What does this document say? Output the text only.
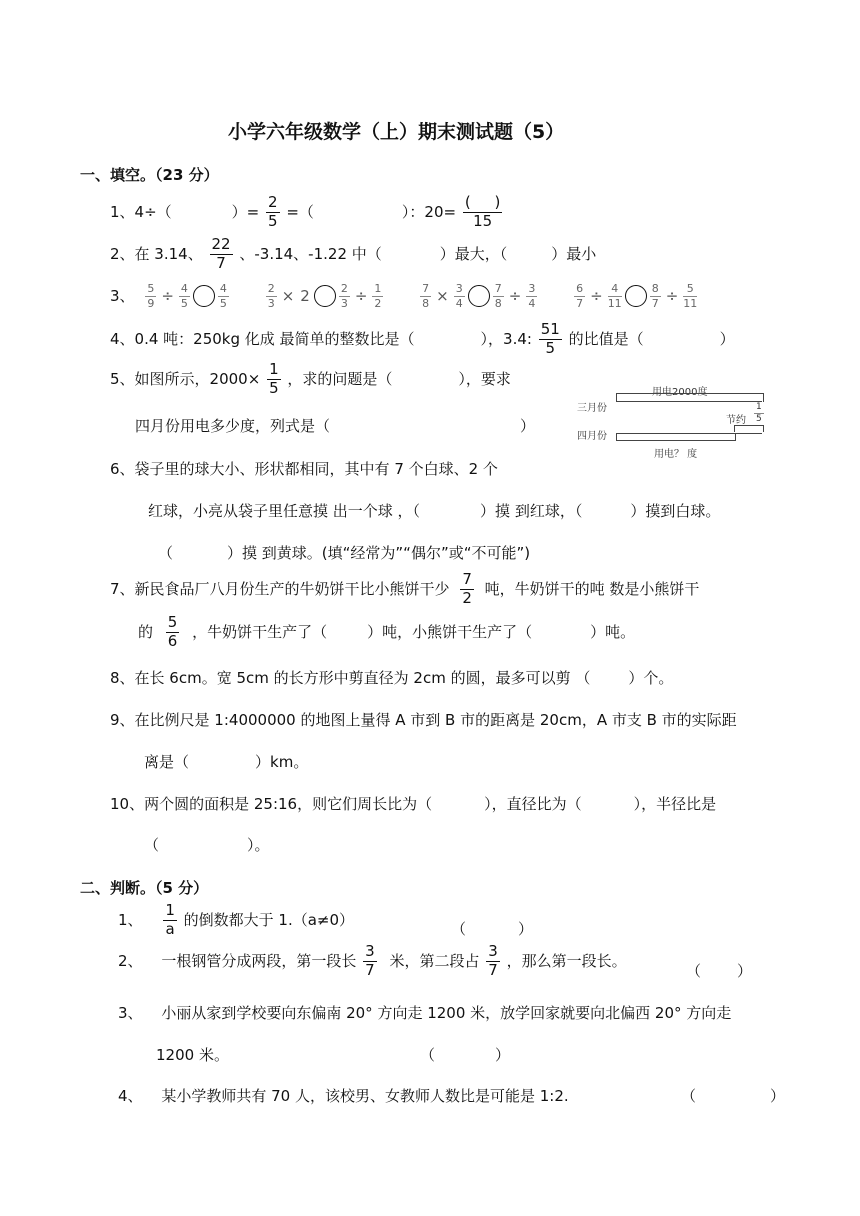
小学六年级数学（上）期末测试题（5）
一、填空。（23 分）
1、4÷（	）= $\frac{2}{5}$ =（	）：$20= \frac{( )}{15}$
2、在 3.14、 $\frac{22}{7}$ 、-3.14、-1.22 中（	）最大，（	）最小
3、 $\frac{5}{9} \div \frac{4}{5}$	$\frac{4}{5}$
	$\frac{2}{3} \times 2$	$\frac{2}{3} \div \frac{1}{2}$
	$\frac{7}{8} \times \frac{3}{4}$	$\frac{7}{8} \div \frac{3}{4}$
	$\frac{6}{7} \div \frac{4}{11}$	$\frac{8}{7} \div \frac{5}{11}$
4、0.4 吨：250kg 化成 最简单的整数比是（	），3.4: $\frac{51}{5}$ 的比值是（	）
5、如图所示，$2000\times \frac{1}{5}$ ，求的问题是（	），要求
四月份用电多少度，列式是（	）
用电2000度
三月份
节约 $\frac{1}{5}$
四月份
用电？ 度
6、袋子里的球大小、形状都相同，其中有 7 个白球、2 个
红球，小亮从袋子里任意摸 出一个球 ，（	）摸 到红球，（	）摸到白球。
（	）摸 到黄球。(填“经常为”“偶尔”或“不可能”)
7、新民食品厂八月份生产的牛奶饼干比小熊饼干少 $\frac{7}{2}$ 吨，牛奶饼干的吨 数是小熊饼干
的 $\frac{5}{6}$ ，牛奶饼干生产了（	）吨，小熊饼干生产了（	）吨。
8、在长 6cm。宽 5cm 的长方形中剪直径为 2cm 的圆，最多可以剪 （	）个。
9、在比例尺是 1:4000000 的地图上量得 A 市到 B 市的距离是 20cm，A 市支 B 市的实际距
离是（	）km。
10、两个圆的面积是 25:16，则它们周长比为（	），直径比为（	），半径比是
（	）。
二、判断。（5 分）
1、 $\frac{1}{a}$ 的倒数都大于 1.（a≠0）
（	）
2、 一根钢管分成两段，第一段长 $\frac{3}{7}$ 米，第二段占 $\frac{3}{7}$ ，那么第一段长。
（ ）
3、 小丽从家到学校要向东偏南 20° 方向走 1200 米，放学回家就要向北偏西 20° 方向走
1200 米。	（	）
4、 某小学教师共有 70 人，该校男、女教师人数比是可能是 1:2.	（	）
